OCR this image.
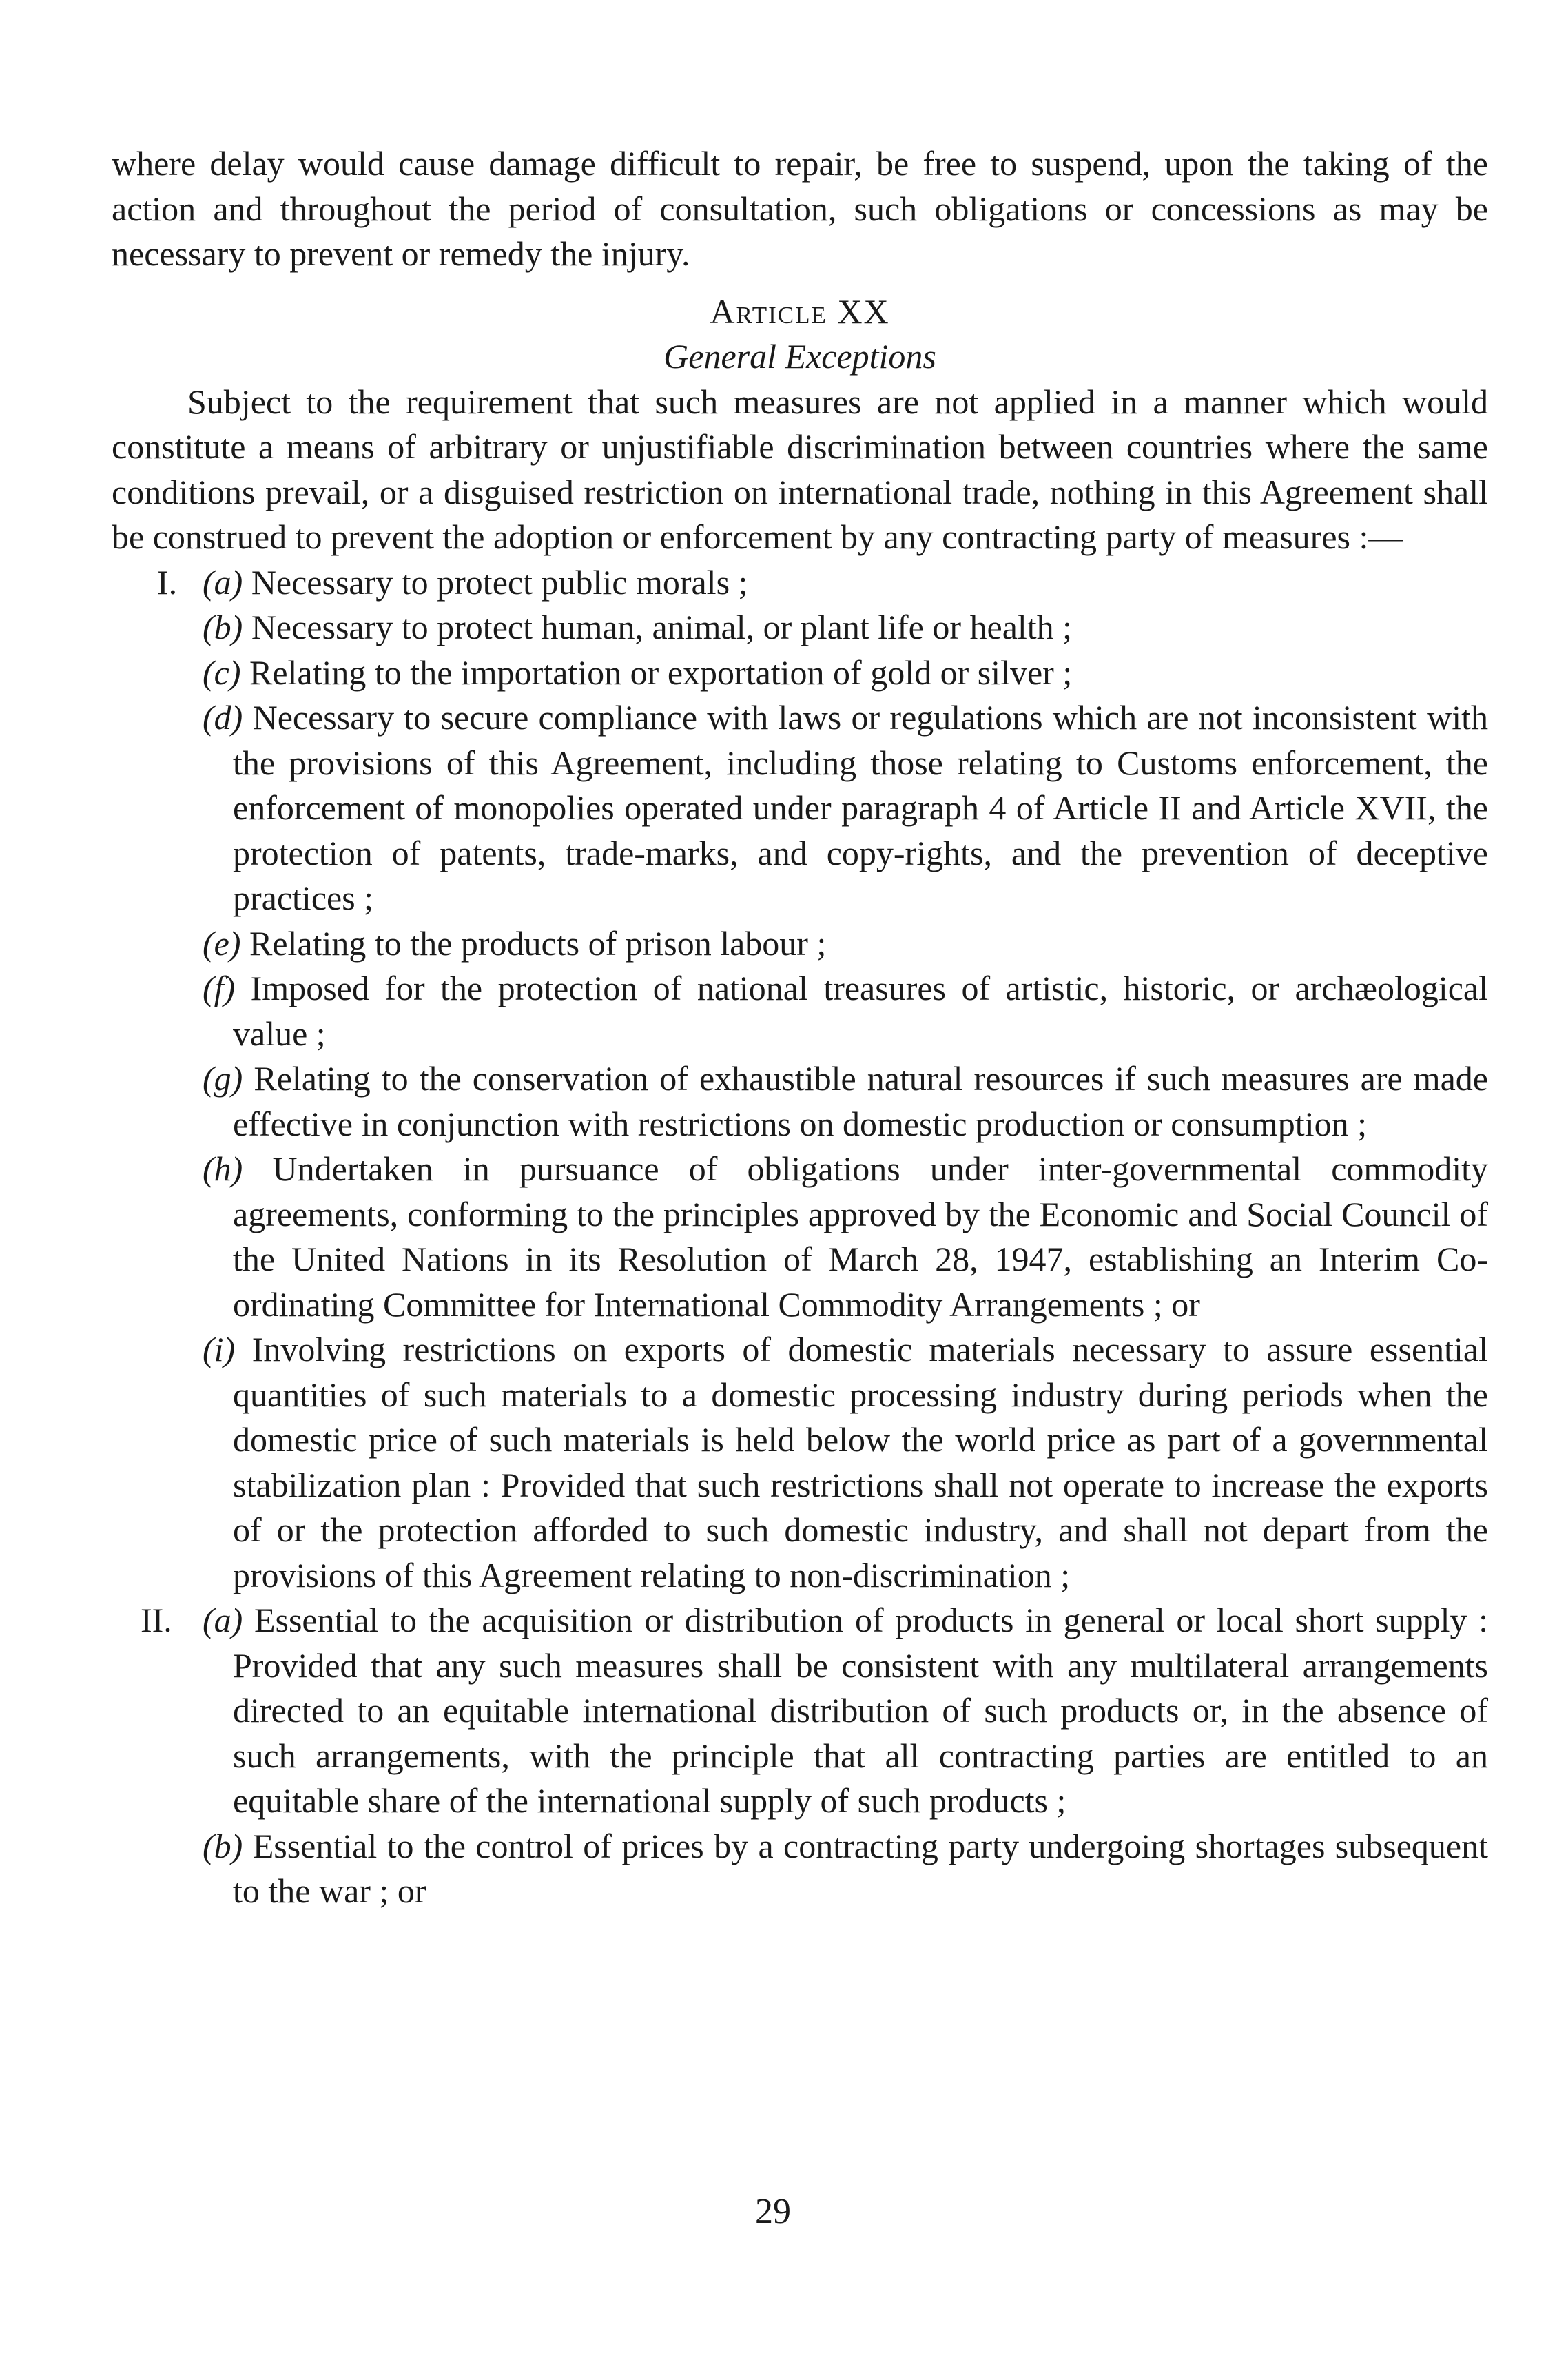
where delay would cause damage difficult to repair, be free to suspend, upon the taking of the action and throughout the period of consultation, such obligations or concessions as may be necessary to prevent or remedy the injury.

Article XX
General Exceptions

Subject to the requirement that such measures are not applied in a manner which would constitute a means of arbitrary or unjustifiable discrimination between countries where the same conditions prevail, or a disguised restriction on international trade, nothing in this Agreement shall be construed to prevent the adoption or enforcement by any contracting party of measures :—

I. (a) Necessary to protect public morals ;
(b) Necessary to protect human, animal, or plant life or health ;
(c) Relating to the importation or exportation of gold or silver ;
(d) Necessary to secure compliance with laws or regulations which are not inconsistent with the provisions of this Agreement, including those relating to Customs enforcement, the enforcement of monopolies operated under paragraph 4 of Article II and Article XVII, the protection of patents, trade-marks, and copy-rights, and the prevention of deceptive practices ;
(e) Relating to the products of prison labour ;
(f) Imposed for the protection of national treasures of artistic, historic, or archæological value ;
(g) Relating to the conservation of exhaustible natural resources if such measures are made effective in conjunction with restrictions on domestic production or consumption ;
(h) Undertaken in pursuance of obligations under inter-governmental commodity agreements, conforming to the principles approved by the Economic and Social Council of the United Nations in its Resolution of March 28, 1947, establishing an Interim Co-ordinating Committee for International Commodity Arrangements ; or
(i) Involving restrictions on exports of domestic materials necessary to assure essential quantities of such materials to a domestic processing industry during periods when the domestic price of such materials is held below the world price as part of a governmental stabilization plan : Provided that such restrictions shall not operate to increase the exports of or the protection afforded to such domestic industry, and shall not depart from the provisions of this Agreement relating to non-discrimination ;
II. (a) Essential to the acquisition or distribution of products in general or local short supply : Provided that any such measures shall be consistent with any multilateral arrangements directed to an equitable international distribution of such products or, in the absence of such arrangements, with the principle that all contracting parties are entitled to an equitable share of the international supply of such products ;
(b) Essential to the control of prices by a contracting party undergoing shortages subsequent to the war ; or
29
